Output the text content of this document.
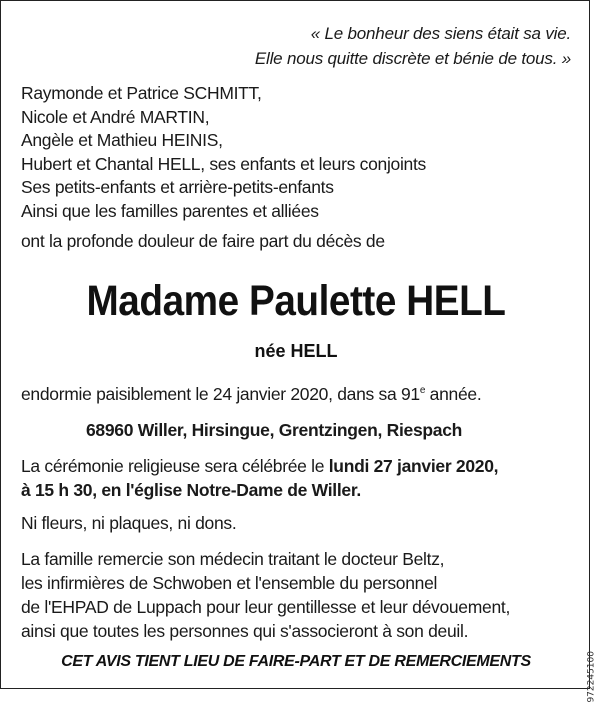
« Le bonheur des siens était sa vie.
Elle nous quitte discrète et bénie de tous. »
Raymonde et Patrice SCHMITT,
Nicole et André MARTIN,
Angèle et Mathieu HEINIS,
Hubert et Chantal HELL, ses enfants et leurs conjoints
Ses petits-enfants et arrière-petits-enfants
Ainsi que les familles parentes et alliées
ont la profonde douleur de faire part du décès de
Madame Paulette HELL
née HELL
endormie paisiblement le 24 janvier 2020, dans sa 91e année.
68960 Willer, Hirsingue, Grentzingen, Riespach
La cérémonie religieuse sera célébrée le lundi 27 janvier 2020,
à 15 h 30, en l'église Notre-Dame de Willer.
Ni fleurs, ni plaques, ni dons.
La famille remercie son médecin traitant le docteur Beltz,
les infirmières de Schwoben et l'ensemble du personnel
de l'EHPAD de Luppach pour leur gentillesse et leur dévouement,
ainsi que toutes les personnes qui s'associeront à son deuil.
CET AVIS TIENT LIEU DE FAIRE-PART ET DE REMERCIEMENTS	972245100
